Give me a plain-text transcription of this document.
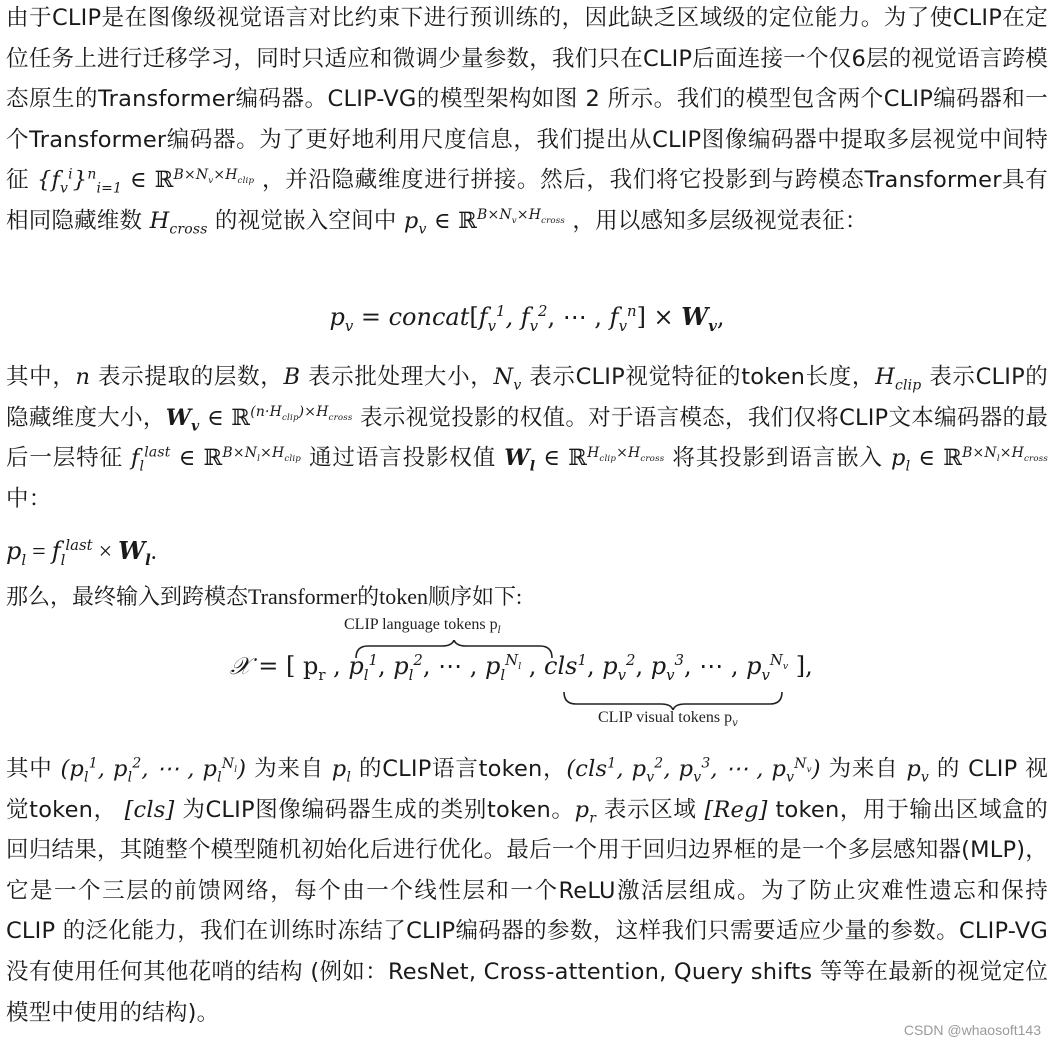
由于CLIP是在图像级视觉语言对比约束下进行预训练的，因此缺乏区域级的定位能力。为了使CLIP在定位任务上进行迁移学习，同时只适应和微调少量参数，我们只在CLIP后面连接一个仅6层的视觉语言跨模态原生的Transformer编码器。CLIP-VG的模型架构如图 2 所示。我们的模型包含两个CLIP编码器和一个Transformer编码器。为了更好地利用尺度信息，我们提出从CLIP图像编码器中提取多层视觉中间特征 $\{f_v^i\}^n_{i=1}$ ∈ ℝ$^{B\times N_v\times H_{clip}}$ ，并沿隐藏维度进行拼接。然后，我们将它投影到与跨模态Transformer具有相同隐藏维数 $H_{cross}$ 的视觉嵌入空间中 $p_v$ ∈ ℝ$^{B\times N_v\times H_{cross}}$ ，用以感知多层级视觉表征：

$p_v$ = $concat[f_v^1$, $f_v^2$, ⋯ , $f_v^n] \times W_v$,

其中，n 表示提取的层数，B 表示批处理大小，$N_v$ 表示CLIP视觉特征的token长度，$H_{clip}$ 表示CLIP的隐藏维度大小，$W_v$ ∈ ℝ$^{(n\cdot H_{clip})\times H_{cross}}$ 表示视觉投影的权值。对于语言模态，我们仅将CLIP文本编码器的最后一层特征 $f_l^{last}$ ∈ ℝ$^{B\times N_l\times H_{clip}}$ 通过语言投影权值 $W_l$ ∈ ℝ$^{H_{clip}\times H_{cross}}$ 将其投影到语言嵌入 $p_l$ ∈ ℝ$^{B\times N_l\times H_{cross}}$ 中：

$p_l = f_l^{last} \times W_l$.
那么，最终输入到跨模态Transformer的token顺序如下:
CLIP language tokens $p_l$
𝒳 = [ $p_r$ , $p_l^1$, $p_l^2$, ⋯ , $p_l^{N_l}$ , cls$^1$, $p_v^2$, $p_v^3$, ⋯ , $p_v^{N_v}$ ],
CLIP visual tokens $p_v$

其中 ($p_l^1$, $p_l^2$, ⋯ , $p_l^{N_l}$) 为来自 $p_l$ 的CLIP语言token，(cls$^1$, $p_v^2$, $p_v^3$, ⋯ , $p_v^{N_v}$) 为来自 $p_v$ 的 CLIP 视觉token， [cls] 为CLIP图像编码器生成的类别token。$p_r$ 表示区域 [Reg] token，用于输出区域盒的回归结果，其随整个模型随机初始化后进行优化。最后一个用于回归边界框的是一个多层感知器(MLP)，它是一个三层的前馈网络，每个由一个线性层和一个ReLU激活层组成。为了防止灾难性遗忘和保持 CLIP 的泛化能力，我们在训练时冻结了CLIP编码器的参数，这样我们只需要适应少量的参数。CLIP-VG没有使用任何其他花哨的结构 (例如：ResNet, Cross-attention, Query shifts 等等在最新的视觉定位模型中使用的结构)。

CSDN @whaosoft143
